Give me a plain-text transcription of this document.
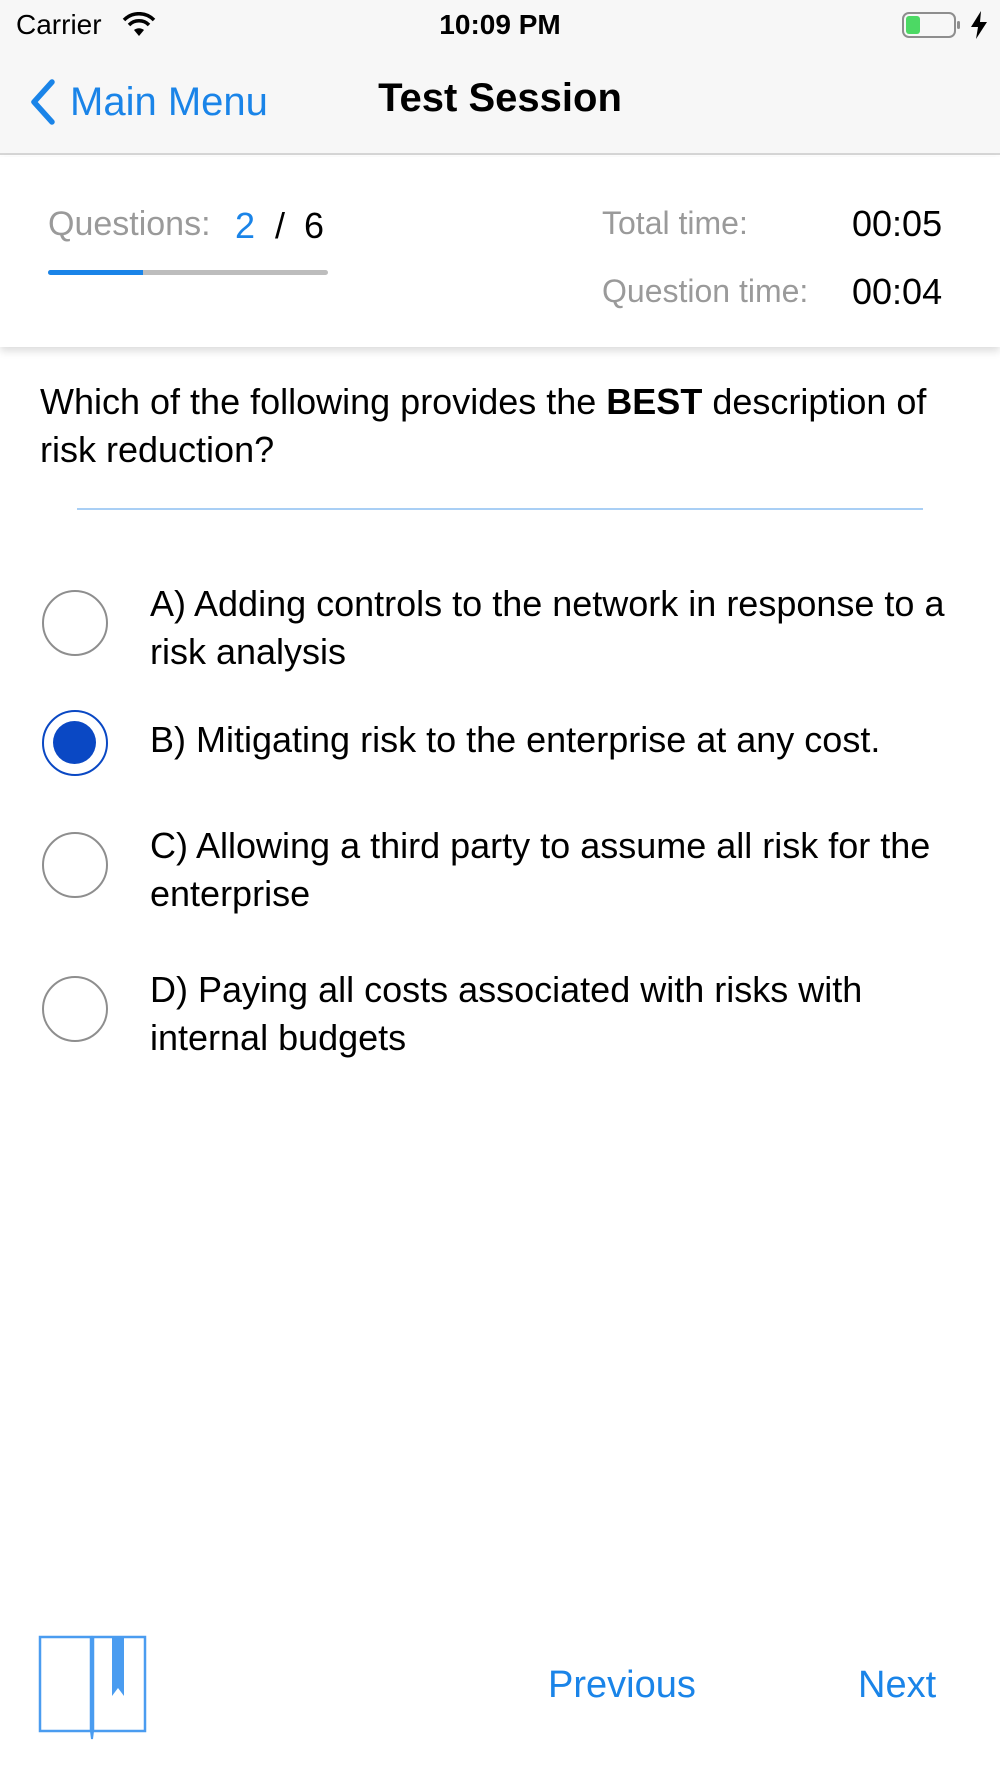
Carrier	10:09 PM
Main Menu	Test Session
Questions: 2 / 6	Total time:	00:05
Question time: 00:04
Which of the following provides the BEST description of risk reduction?
A) Adding controls to the network in response to a risk analysis
B) Mitigating risk to the enterprise at any cost.
C) Allowing a third party to assume all risk for the enterprise
D) Paying all costs associated with risks with internal budgets
Previous	Next
